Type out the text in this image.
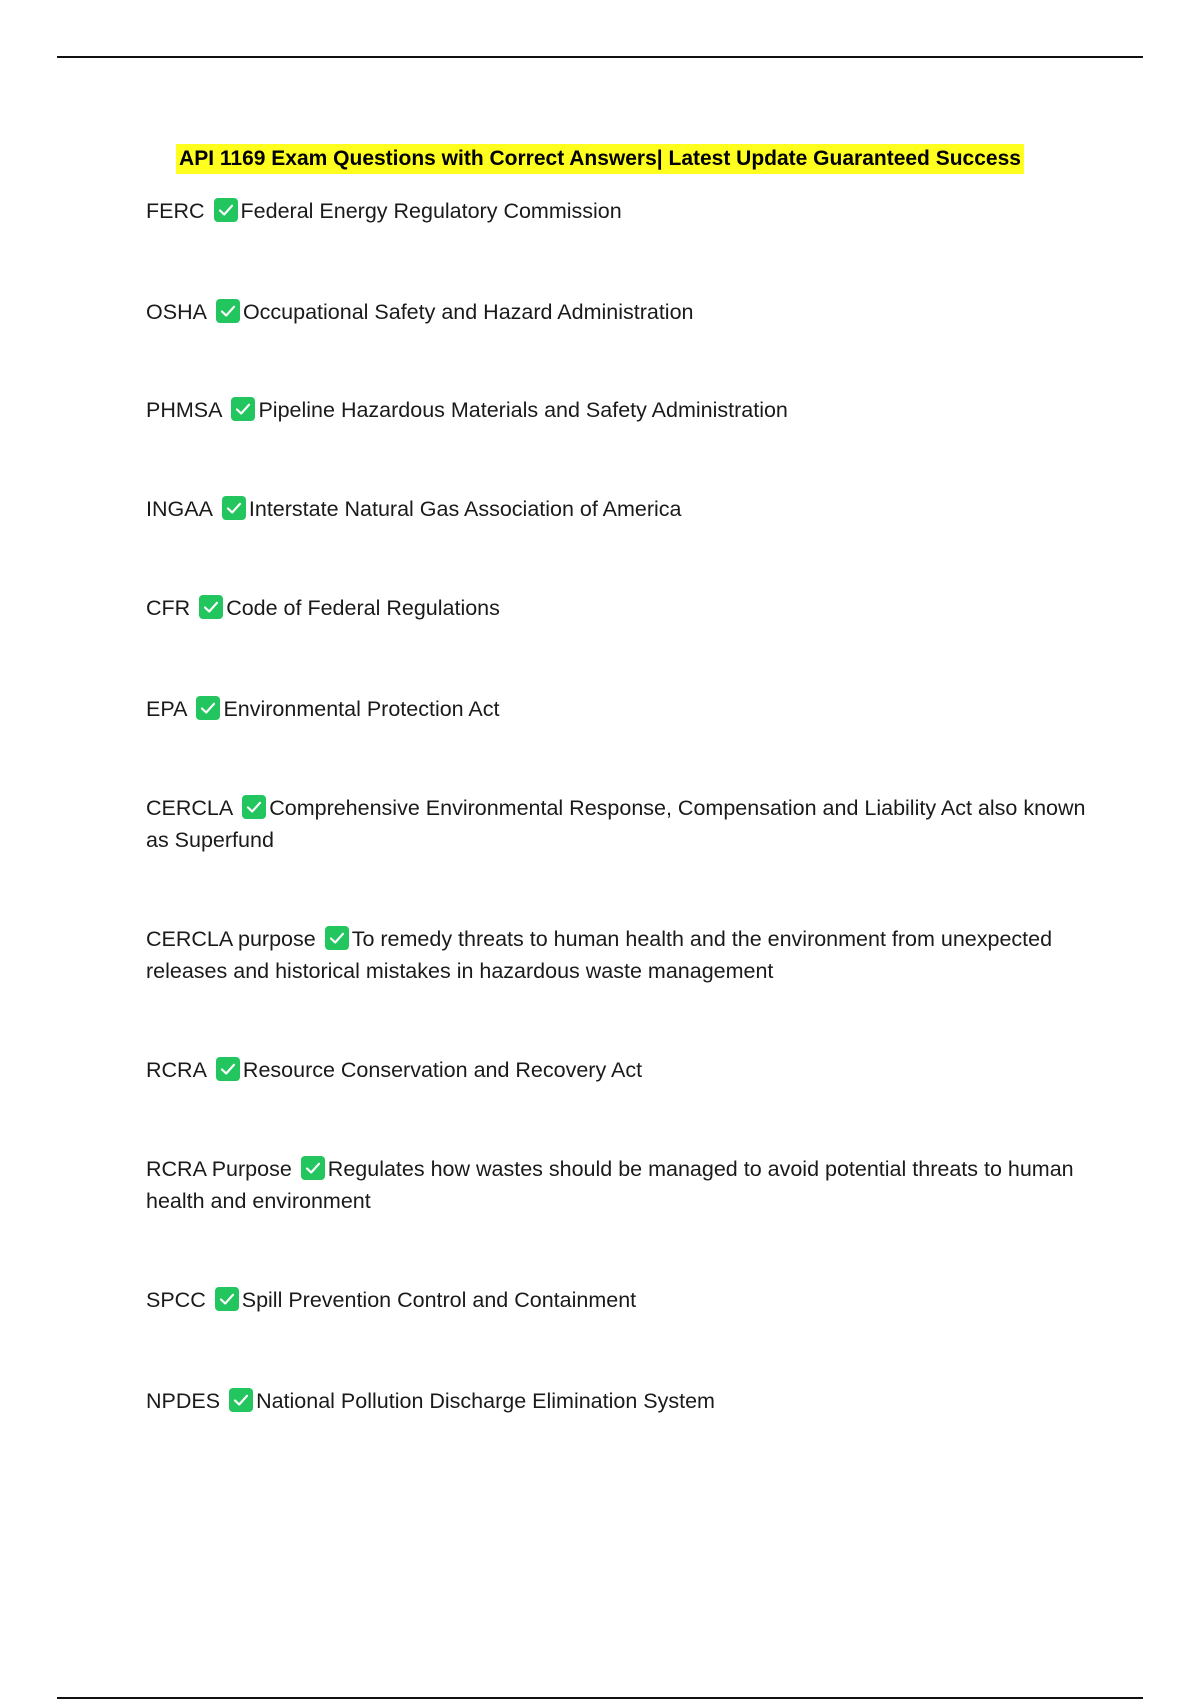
API 1169 Exam Questions with Correct Answers| Latest Update Guaranteed Success
FERC Federal Energy Regulatory Commission
OSHA Occupational Safety and Hazard Administration
PHMSA Pipeline Hazardous Materials and Safety Administration
INGAA Interstate Natural Gas Association of America
CFR Code of Federal Regulations
EPA Environmental Protection Act
CERCLA Comprehensive Environmental Response, Compensation and Liability Act also known as Superfund
CERCLA purpose To remedy threats to human health and the environment from unexpected releases and historical mistakes in hazardous waste management
RCRA Resource Conservation and Recovery Act
RCRA Purpose Regulates how wastes should be managed to avoid potential threats to human health and environment
SPCC Spill Prevention Control and Containment
NPDES National Pollution Discharge Elimination System
